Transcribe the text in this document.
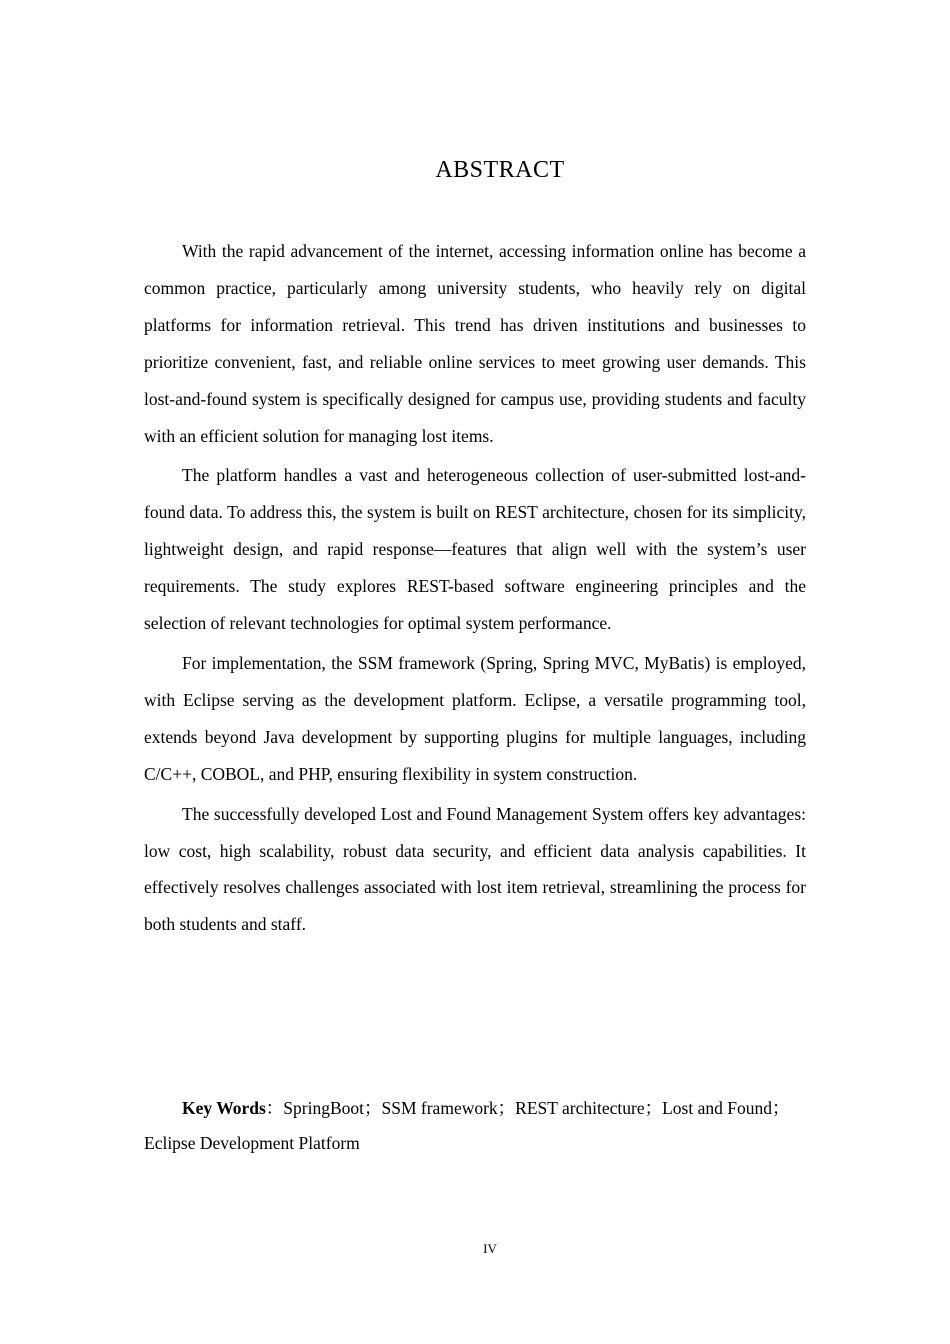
ABSTRACT

With the rapid advancement of the internet, accessing information online has become a common practice, particularly among university students, who heavily rely on digital platforms for information retrieval. This trend has driven institutions and businesses to prioritize convenient, fast, and reliable online services to meet growing user demands. This lost-and-found system is specifically designed for campus use, providing students and faculty with an efficient solution for managing lost items.

The platform handles a vast and heterogeneous collection of user-submitted lost-and-found data. To address this, the system is built on REST architecture, chosen for its simplicity, lightweight design, and rapid response—features that align well with the system’s user requirements. The study explores REST-based software engineering principles and the selection of relevant technologies for optimal system performance.

For implementation, the SSM framework (Spring, Spring MVC, MyBatis) is employed, with Eclipse serving as the development platform. Eclipse, a versatile programming tool, extends beyond Java development by supporting plugins for multiple languages, including C/C++, COBOL, and PHP, ensuring flexibility in system construction.

The successfully developed Lost and Found Management System offers key advantages: low cost, high scalability, robust data security, and efficient data analysis capabilities. It effectively resolves challenges associated with lost item retrieval, streamlining the process for both students and staff.

Key Words：SpringBoot；SSM framework；REST architecture；Lost and Found；　Eclipse Development Platform

IV
